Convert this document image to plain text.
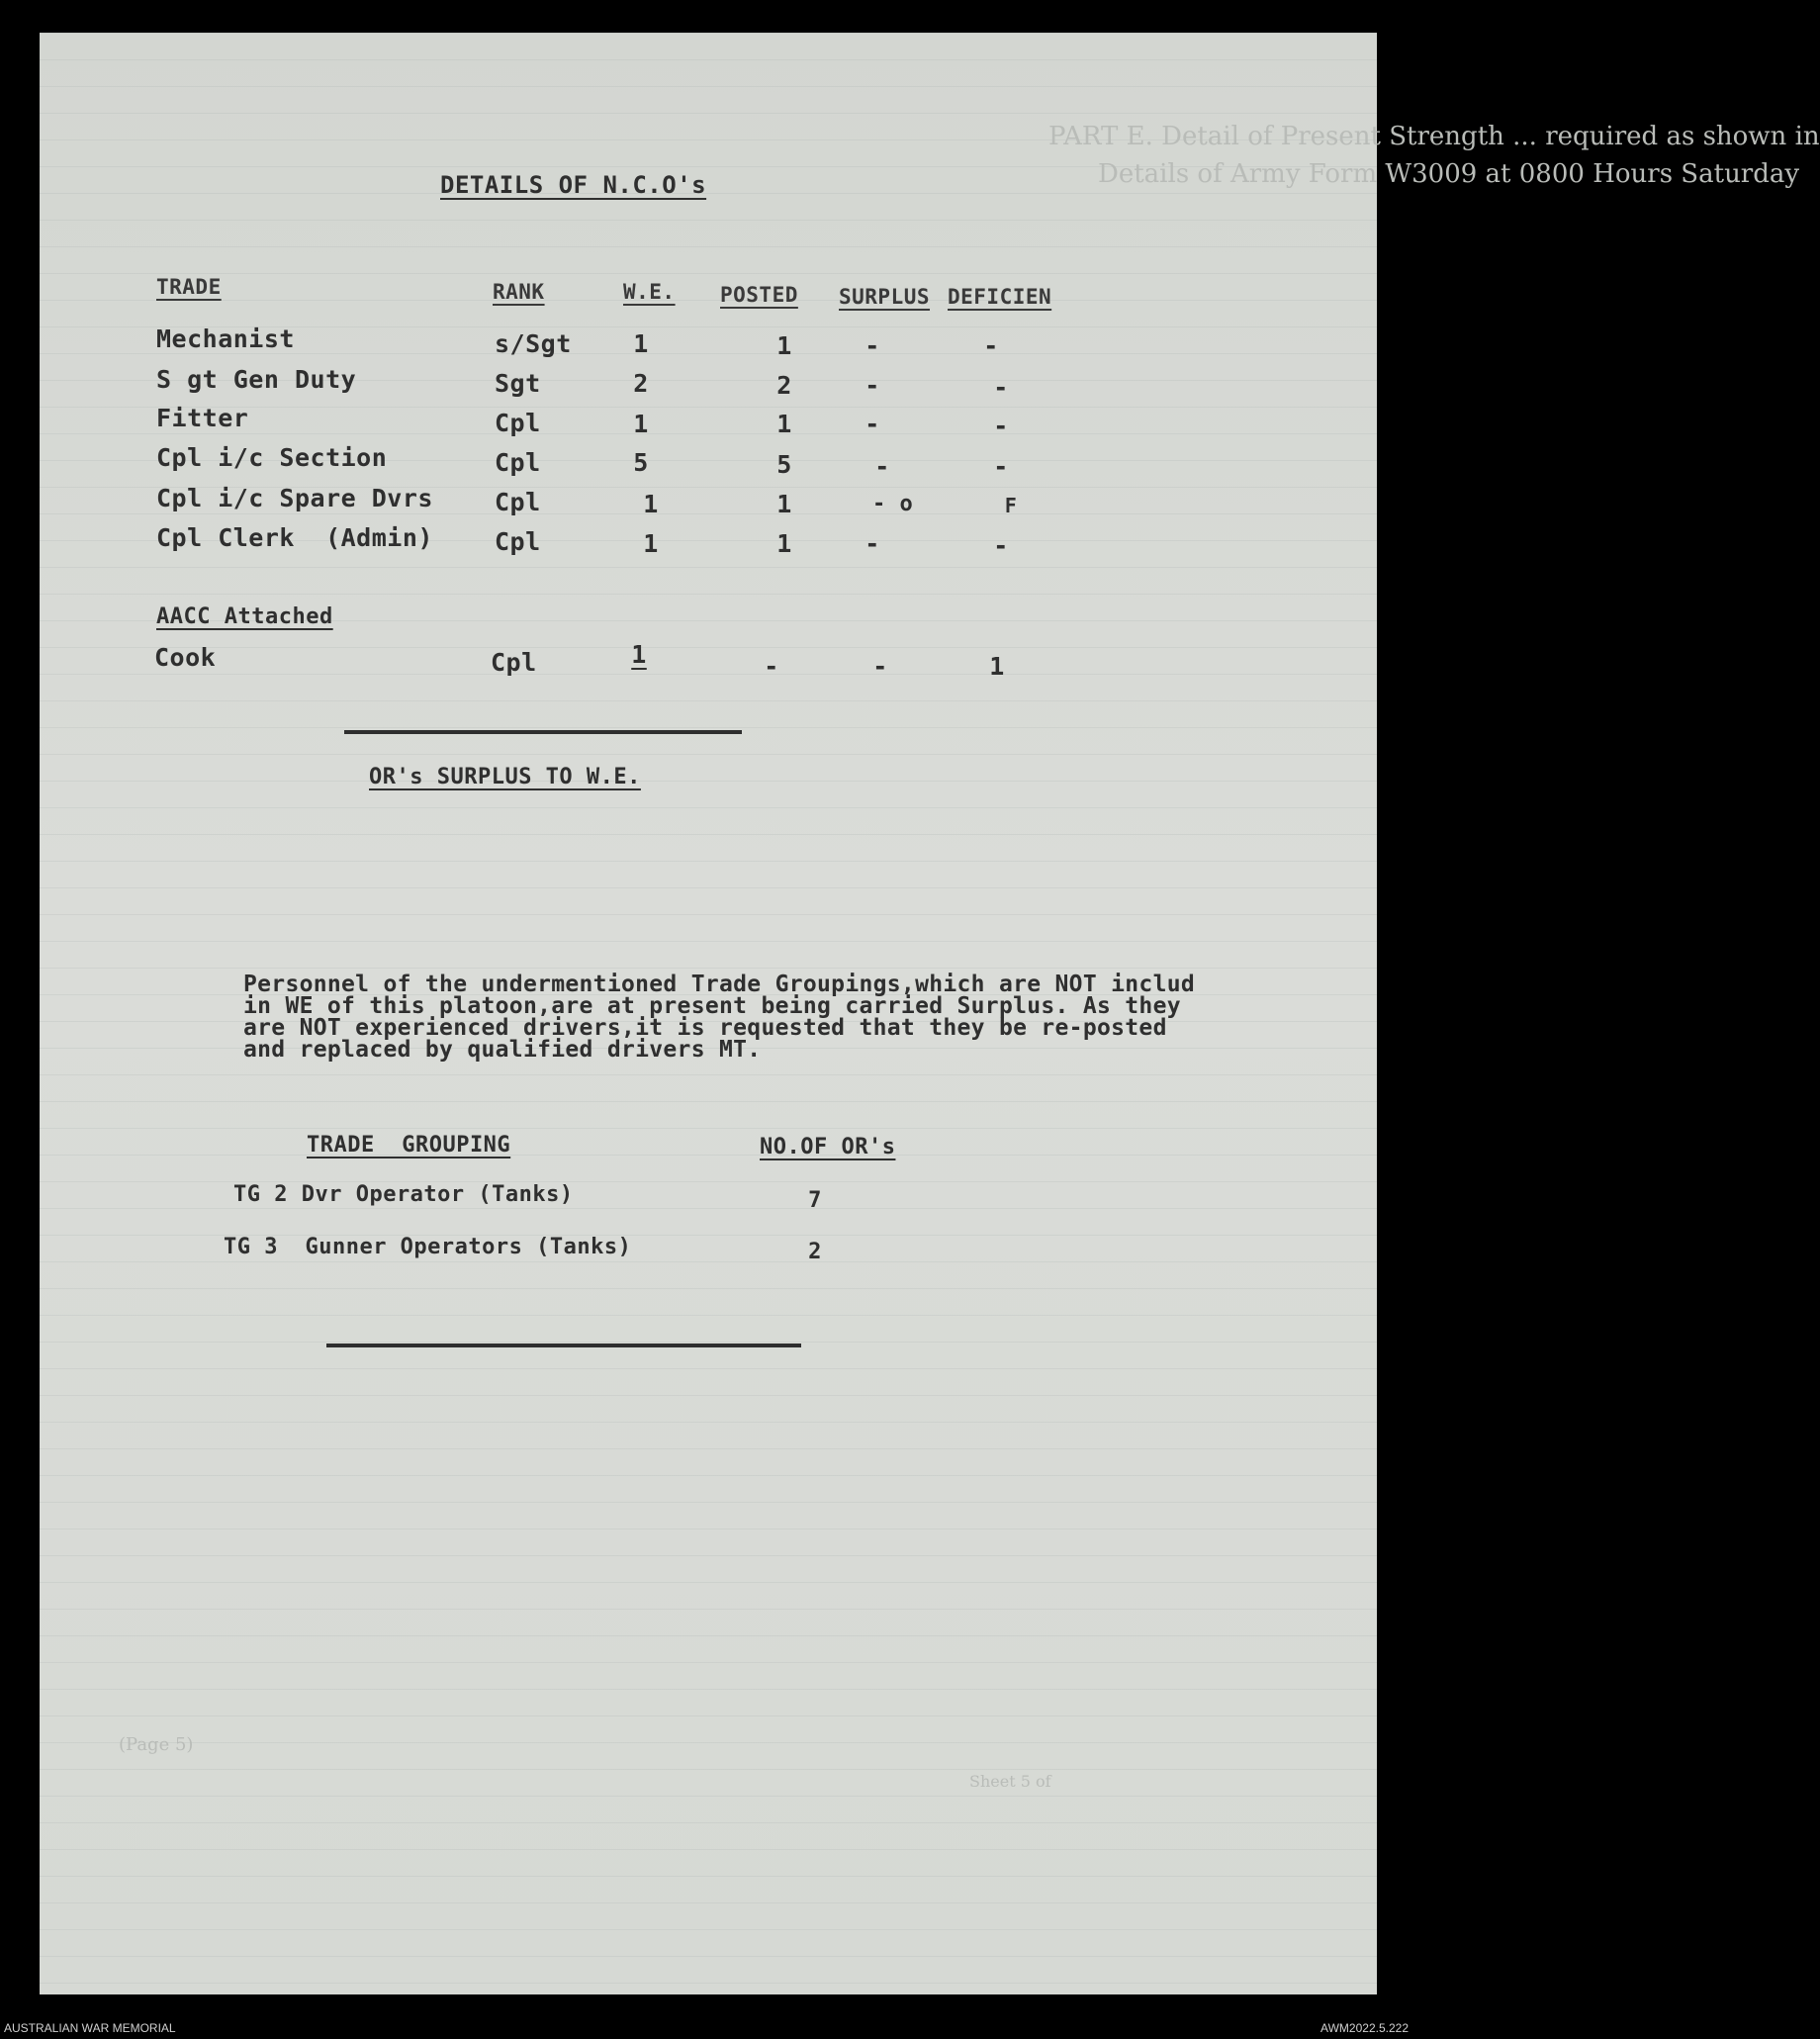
PART E. Detail of Present Strength ... required as shown in
Details of Army Form W3009 at 0800 Hours Saturday
DETAILS OF N.C.O's
TRADE	RANK	W.E. POSTED SURPLUS DEFICIEN
Mechanist	s/Sgt	1	1	-	-
S gt Gen Duty	Sgt	2	2	-	-
Fitter	Cpl	1	1	-	-
Cpl i/c Section	Cpl	5	5	-	-
Cpl i/c Spare Dvrs Cpl	1	1	- o	F
Cpl Clerk  (Admin) Cpl	1	1	-	-
AACC Attached
Cook	Cpl	1	-	-	1
OR's SURPLUS TO W.E.
Personnel of the undermentioned Trade Groupings,which are NOT includ
in WE of this platoon,are at present being carried Surplus. As they
are NOT experienced drivers,it is requested that they be re-posted
and replaced by qualified drivers MT.
TRADE  GROUPING	NO.OF OR's
TG 2 Dvr Operator (Tanks)	7
TG 3  Gunner Operators (Tanks)	2
(Page 5)
Sheet 5 of
AUSTRALIAN WAR MEMORIAL	AWM2022.5.222
